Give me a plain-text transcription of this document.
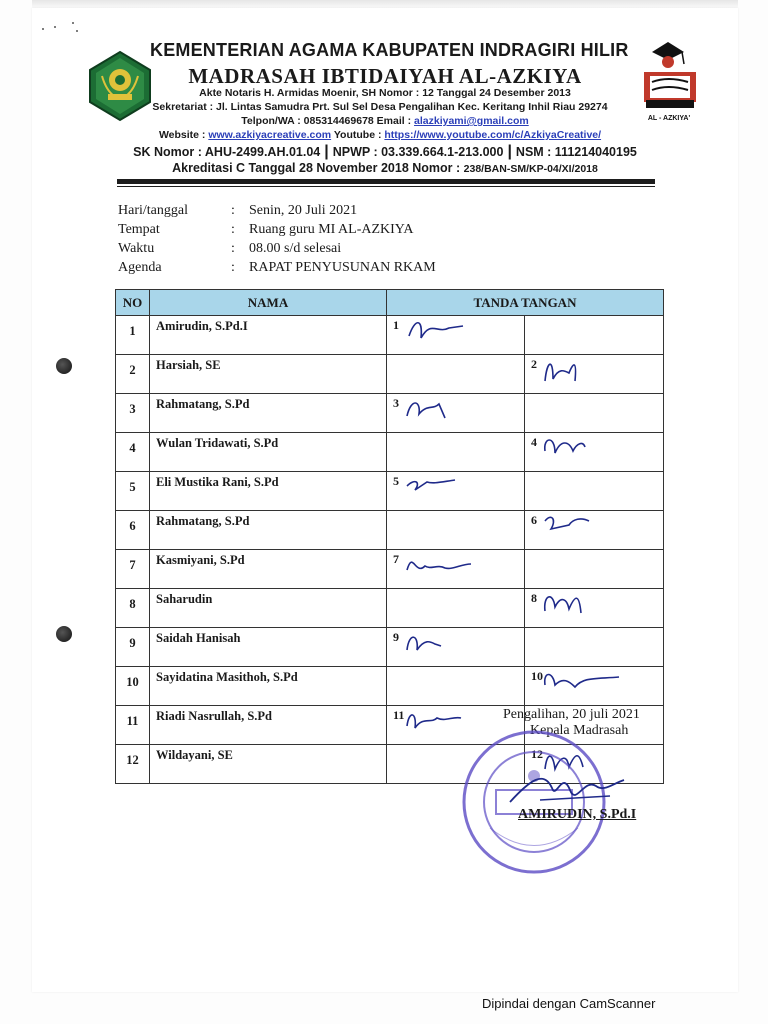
AL - AZKIYA'
KEMENTERIAN AGAMA KABUPATEN INDRAGIRI HILIR
MADRASAH IBTIDAIYAH AL-AZKIYA
Akte Notaris H. Armidas Moenir, SH Nomor : 12 Tanggal 24 Desember 2013
Sekretariat : Jl. Lintas Samudra Prt. Sul Sel Desa Pengalihan Kec. Keritang Inhil Riau 29274
Telpon/WA : 085314469678 Email : alazkiyami@gmail.com
Website : www.azkiyacreative.com Youtube : https://www.youtube.com/c/AzkiyaCreative/
SK Nomor : AHU-2499.AH.01.04 | NPWP : 03.339.664.1-213.000 | NSM : 111214040195
Akreditasi C Tanggal 28 November 2018 Nomor : 238/BAN-SM/KP-04/XI/2018
Hari/tanggal	: Senin, 20 Juli 2021
Tempat	: Ruang guru MI AL-AZKIYA
Waktu	: 08.00 s/d selesai
Agenda	: RAPAT PENYUSUNAN RKAM
NO	NAMA	TANDA TANGAN	
1	Amirudin, S.Pd.I	1	

2	Harsiah, SE		2

3	Rahmatang, S.Pd	3	

4	Wulan Tridawati, S.Pd		4

5	Eli Mustika Rani, S.Pd	5	

6	Rahmatang, S.Pd		6

7	Kasmiyani, S.Pd	7	

8	Saharudin		8

9	Saidah Hanisah	9	

10	Sayidatina Masithoh, S.Pd		10

11	Riadi Nasrullah, S.Pd	11	

12	Wildayani, SE		12
Pengalihan, 20 juli 2021
Kepala Madrasah
AMIRUDIN, S.Pd.I
Dipindai dengan CamScanner
